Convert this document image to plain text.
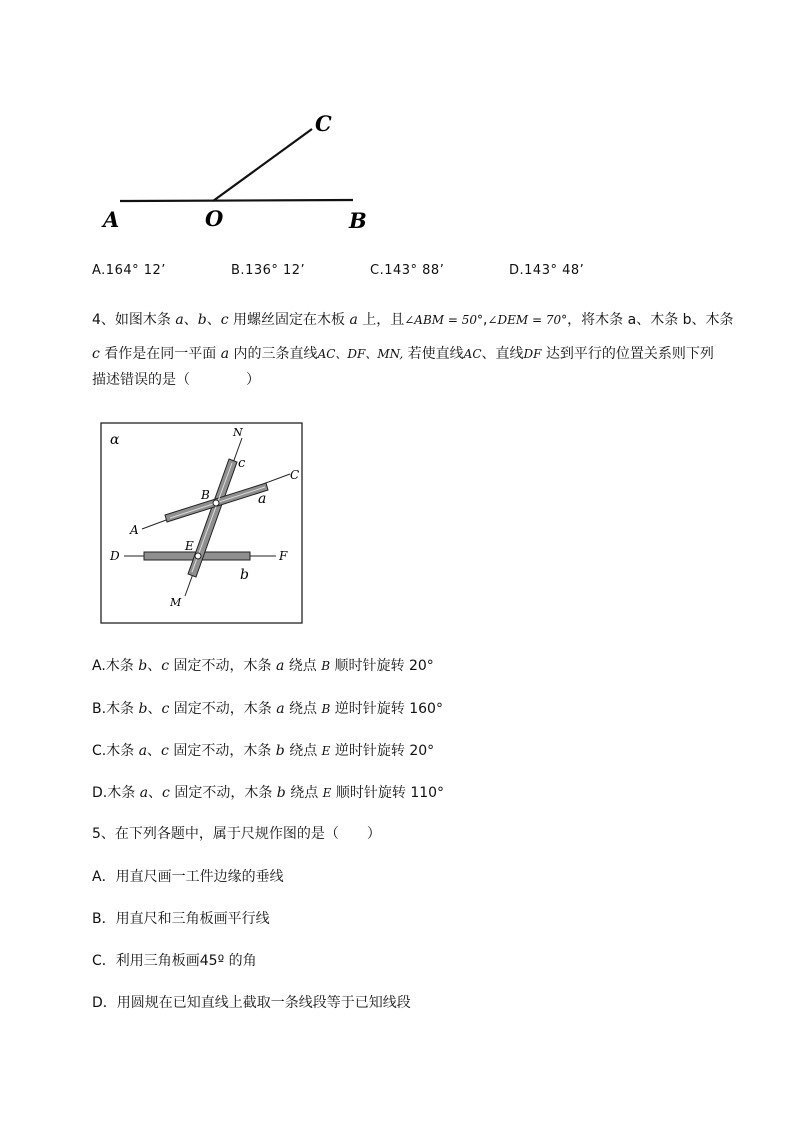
A	O	B
C
A.164° 12’	B.136° 12’	C.143° 88’	D.143° 48’
4、如图木条 a、b、c 用螺丝固定在木板 a 上，且∠ABM = 50°,∠DEM = 70°，将木条 a、木条 b、木条
c 看作是在同一平面 a 内的三条直线AC、DF、MN, 若使直线AC、直线DF 达到平行的位置关系则下列
描述错误的是（　　　　）
α	N
c
C
B	a
A
E
D	F
b
M
A.木条 b、c 固定不动，木条 a 绕点 B 顺时针旋转 20°
B.木条 b、c 固定不动，木条 a 绕点 B 逆时针旋转 160°
C.木条 a、c 固定不动，木条 b 绕点 E 逆时针旋转 20°
D.木条 a、c 固定不动，木条 b 绕点 E 顺时针旋转 110°
5、在下列各题中，属于尺规作图的是（　　）
A．用直尺画一工件边缘的垂线
B．用直尺和三角板画平行线
C．利用三角板画45º 的角
D．用圆规在已知直线上截取一条线段等于已知线段
